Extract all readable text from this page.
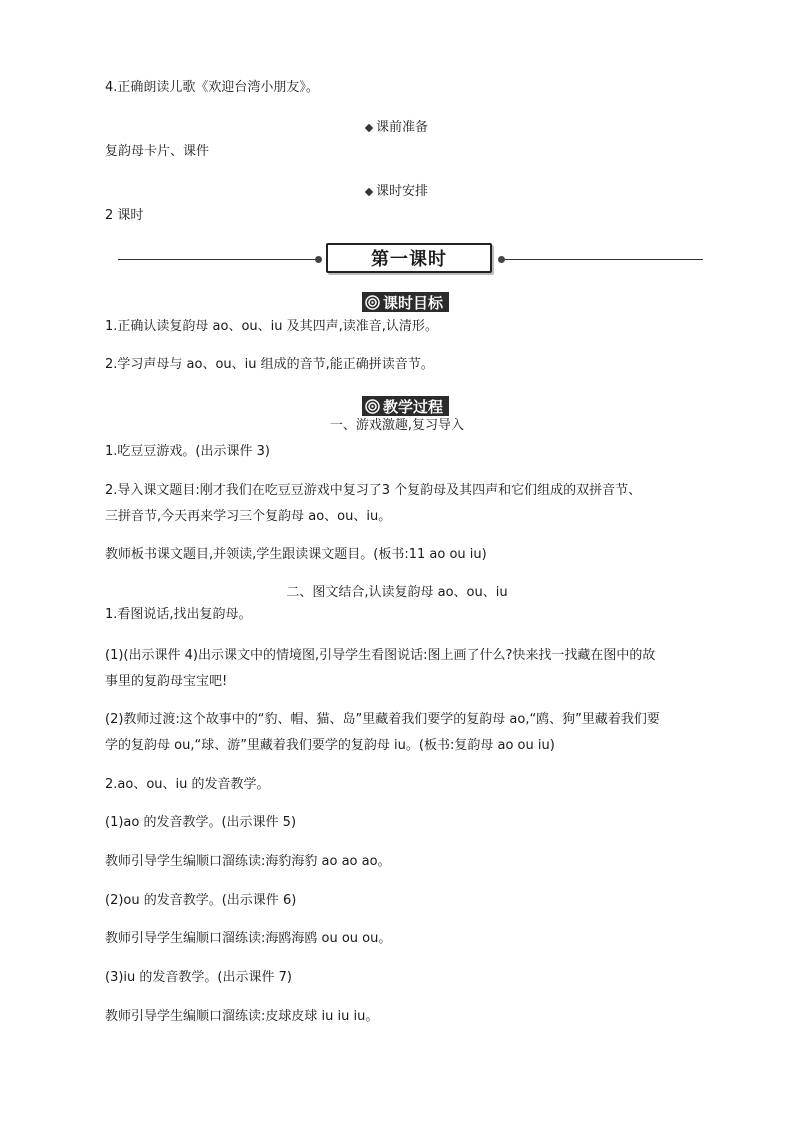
4.正确朗读儿歌《欢迎台湾小朋友》。
课前准备
复韵母卡片、课件
课时安排
2 课时
第一课时
课时目标
1.正确认读复韵母 ao、ou、iu 及其四声,读准音,认清形。
2.学习声母与 ao、ou、iu 组成的音节,能正确拼读音节。
教学过程
一、游戏激趣,复习导入
1.吃豆豆游戏。(出示课件 3)
2.导入课文题目:刚才我们在吃豆豆游戏中复习了3 个复韵母及其四声和它们组成的双拼音节、
三拼音节,今天再来学习三个复韵母 ao、ou、iu。
教师板书课文题目,并领读,学生跟读课文题目。(板书:11 ao ou iu)
二、图文结合,认读复韵母 ao、ou、iu
1.看图说话,找出复韵母。
(1)(出示课件 4)出示课文中的情境图,引导学生看图说话:图上画了什么?快来找一找藏在图中的故
事里的复韵母宝宝吧!
(2)教师过渡:这个故事中的“豹、帽、猫、岛”里藏着我们要学的复韵母 ao,“鸥、狗”里藏着我们要
学的复韵母 ou,“球、游”里藏着我们要学的复韵母 iu。(板书:复韵母 ao ou iu)
2.ao、ou、iu 的发音教学。
(1)ao 的发音教学。(出示课件 5)
教师引导学生编顺口溜练读:海豹海豹 ao ao ao。
(2)ou 的发音教学。(出示课件 6)
教师引导学生编顺口溜练读:海鸥海鸥 ou ou ou。
(3)iu 的发音教学。(出示课件 7)
教师引导学生编顺口溜练读:皮球皮球 iu iu iu。
